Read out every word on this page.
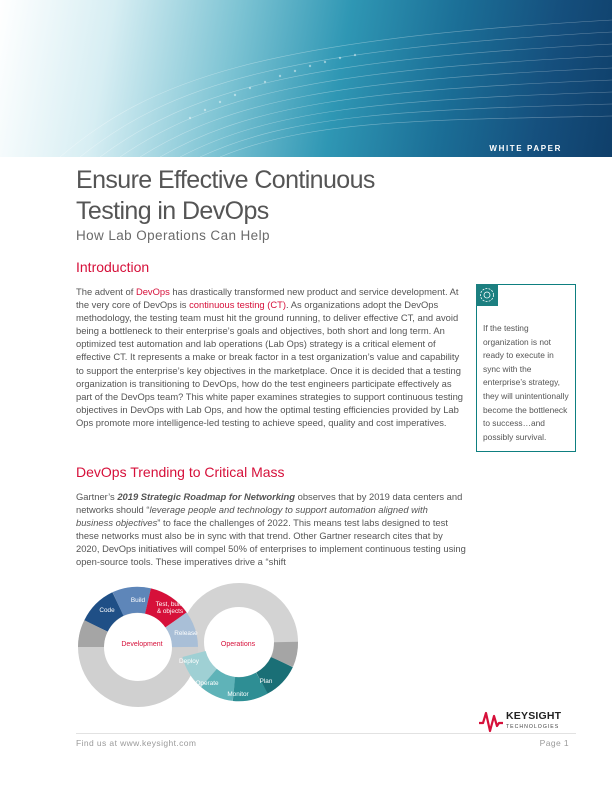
WHITE PAPER
Ensure Effective Continuous
Testing in DevOps
How Lab Operations Can Help
Introduction

The advent of DevOps has drastically transformed new product and service development. At the very core of DevOps is continuous testing (CT). As organizations adopt the DevOps methodology, the testing team must hit the ground running, to deliver effective CT, and avoid being a bottleneck to their enterprise’s goals and objectives, both short and long term. An optimized test automation and lab operations (Lab Ops) strategy is a critical element of effective CT. It represents a make or break factor in a test organization’s value and capability to support the enterprise’s key objectives in the marketplace. Once it is decided that a testing organization is transitioning to DevOps, how do the test engineers participate effectively as part of the DevOps team? This white paper examines strategies to support continuous testing objectives in DevOps with Lab Ops, and how the optimal testing efficiencies provided by Lab Ops promote more intelligence-led testing to achieve speed, quality and cost imperatives.

If the testing organization is not ready to execute in sync with the enterprise’s strategy, they will unintentionally become the bottleneck to success…and possibly survival.
DevOps Trending to Critical Mass

Gartner’s 2019 Strategic Roadmap for Networking observes that by 2019 data centers and networks should “leverage people and technology to support automation aligned with business objectives” to face the challenges of 2022. This means test labs designed to test these networks must also be in sync with that trend. Other Gartner research cites that by 2020, DevOps initiatives will compel 50% of enterprises to implement continuous testing using open-source tools. These imperatives drive a “shift

Development	Operations
Code
Build
Test, build
& objects
Release
Deploy
Operate
Monitor
Plan
KEYSIGHT
TECHNOLOGIES
Find us at www.keysight.com	Page 1
